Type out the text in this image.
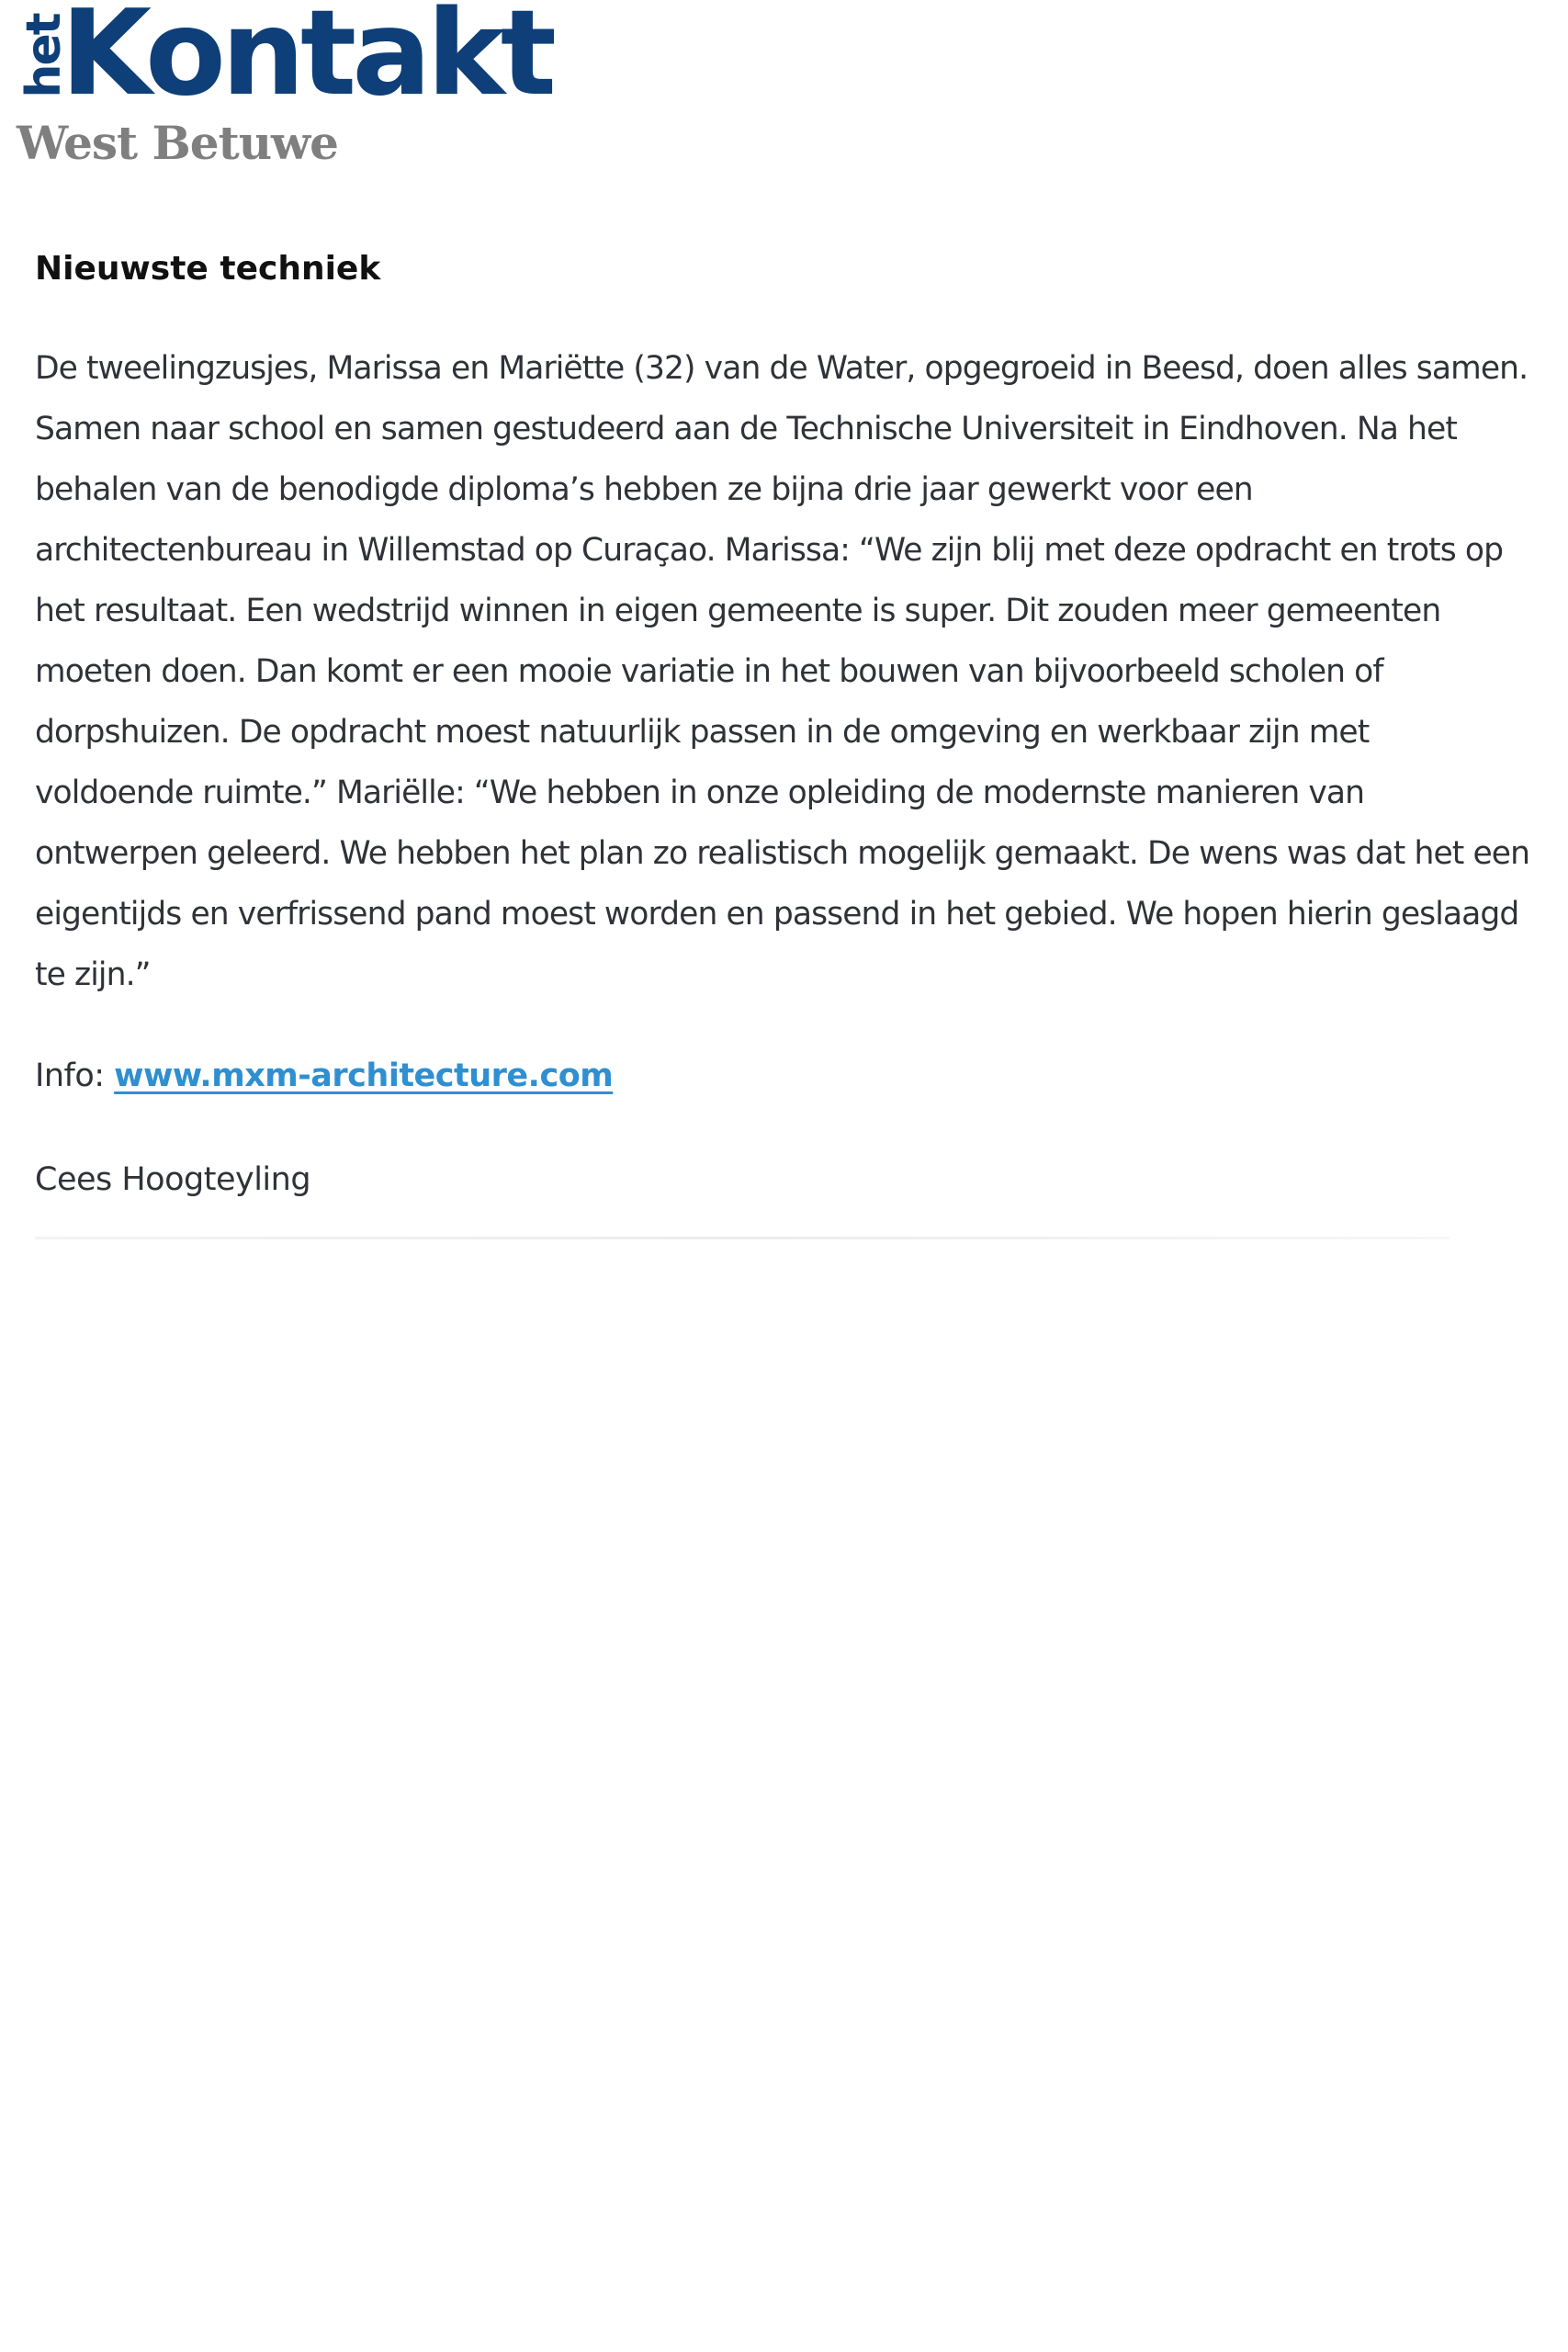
het
Kontakt
West Betuwe
Nieuwste techniek

De tweelingzusjes, Marissa en Mariëtte (32) van de Water, opgegroeid in Beesd, doen alles samen. Samen naar school en samen gestudeerd aan de Technische Universiteit in Eindhoven. Na het behalen van de benodigde diploma’s hebben ze bijna drie jaar gewerkt voor een architectenbureau in Willemstad op Curaçao. Marissa: “We zijn blij met deze opdracht en trots op het resultaat. Een wedstrijd winnen in eigen gemeente is super. Dit zouden meer gemeenten moeten doen. Dan komt er een mooie variatie in het bouwen van bijvoorbeeld scholen of dorpshuizen. De opdracht moest natuurlijk passen in de omgeving en werkbaar zijn met voldoende ruimte.” Mariëlle: “We hebben in onze opleiding de modernste manieren van ontwerpen geleerd. We hebben het plan zo realistisch mogelijk gemaakt. De wens was dat het een eigentijds en verfrissend pand moest worden en passend in het gebied. We hopen hierin geslaagd te zijn.”

Info: www.mxm-architecture.com

Cees Hoogteyling
